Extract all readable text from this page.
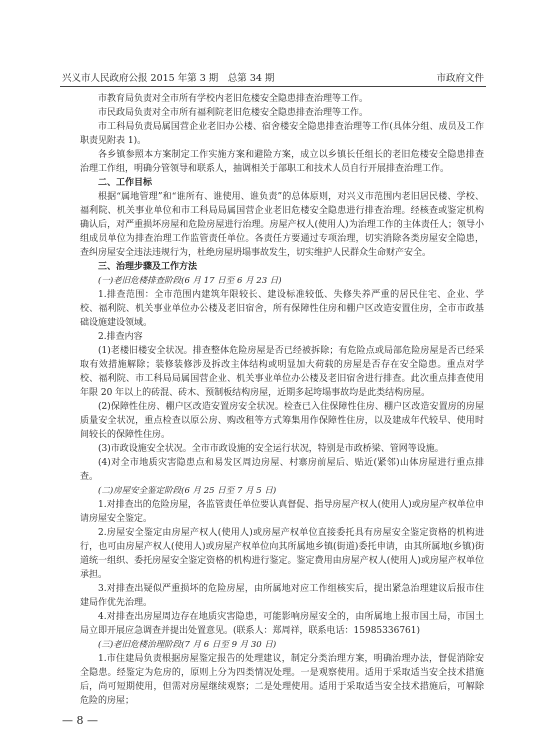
兴义市人民政府公报 2015 年第 3 期　总第 34 期	市政府文件

市教育局负责对全市所有学校内老旧危楼安全隐患排查治理等工作。

市民政局负责对全市所有福利院老旧危楼安全隐患排查治理等工作。

市工科局负责局属国营企业老旧办公楼、宿舍楼安全隐患排查治理等工作(具体分组、成员及工作职责见附表 1)。

各乡镇参照本方案制定工作实施方案和避险方案，成立以乡镇长任组长的老旧危楼安全隐患排查治理工作组，明确分管领导和联系人，抽调相关于部职工和技术人员自行开展排查治理工作。

二、工作目标

根据“属地管理”和“谁所有、谁使用、谁负责”的总体原则，对兴义市范围内老旧居民楼、学校、福利院、机关事业单位和市工科局局属国营企业老旧危楼安全隐患进行排查治理。经核查或鉴定机构确认后，对严重损坏房屋和危险房屋进行治理。房屋产权人(使用人)为治理工作的主体责任人；领导小组成员单位为排查治理工作监管责任单位。各责任方要通过专项治理，切实消除各类房屋安全隐患，查纠房屋安全违法违规行为，杜绝房屋坍塌事故发生，切实维护人民群众生命财产安全。

三、治理步骤及工作方法

(一)老旧危楼排查阶段(6 月 17 日至 6 月 23 日)

1.排查范围：全市范围内建筑年限较长、建设标准较低、失修失养严重的居民住宅、企业、学校、福利院、机关事业单位办公楼及老旧宿舍，所有保障性住房和棚户区改造安置住房，全市市政基础设施建设领域。

2.排查内容

(1)老楼旧楼安全状况。排查整体危险房屋是否已经被拆除；有危险点或局部危险房屋是否已经采取有效措施解除；装修装修涉及拆改主体结构或明显加大荷载的房屋是否存在安全隐患。重点对学校、福利院、市工科局局属国营企业、机关事业单位办公楼及老旧宿舍进行排查。此次重点排查使用年限 20 年以上的砖混、砖木、预制板结构房屋，近期多起垮塌事故均是此类结构房屋。

(2)保障性住房、棚户区改造安置房安全状况。检查已入住保障性住房、棚户区改造安置房的房屋质量安全状况，重点检查以原公房、购改租等方式筹集用作保障性住房，以及建成年代较早、使用时间较长的保障性住房。

(3)市政设施安全状况。全市市政设施的安全运行状况，特别是市政桥梁、管网等设施。

(4)对全市地质灾害隐患点和易发区周边房屋、村寨房前屋后、贴近(紧邻)山体房屋进行重点排查。

(二)房屋安全鉴定阶段(6 月 25 日至 7 月 5 日)

1.对排查出的危险房屋，各监管责任单位要认真督促、指导房屋产权人(使用人)或房屋产权单位申请房屋安全鉴定。

2.房屋安全鉴定由房屋产权人(使用人)或房屋产权单位直接委托具有房屋安全鉴定资格的机构进行，也可由房屋产权人(使用人)或房屋产权单位向其所属地乡镇(街道)委托申请，由其所属地(乡镇)街道统一组织、委托房屋安全鉴定资格的机构进行鉴定。鉴定费用由房屋产权人(使用人)或房屋产权单位承担。

3.对排查出疑似严重损坏的危险房屋，由所属地对应工作组核实后，提出紧急治理建议后报市住建局作优先治理。

4.对排查出房屋周边存在地质灾害隐患，可能影响房屋安全的，由所属地上报市国土局，市国土局立即开展应急调查并提出处置意见。(联系人：郑周祥，联系电话：15985336761)

(三)老旧危楼治理阶段(7 月 6 日至 9 月 30 日)

1.市住建局负责根据房屋鉴定报告的处理建议，制定分类治理方案，明确治理办法，督促消除安全隐患。经鉴定为危房的，原则上分为四类情况处理。一是观察使用。适用于采取适当安全技术措施后，尚可短期使用，但需对房屋继续观察；二是处理使用。适用于采取适当安全技术措施后，可解除危险的房屋；

— 8 —
